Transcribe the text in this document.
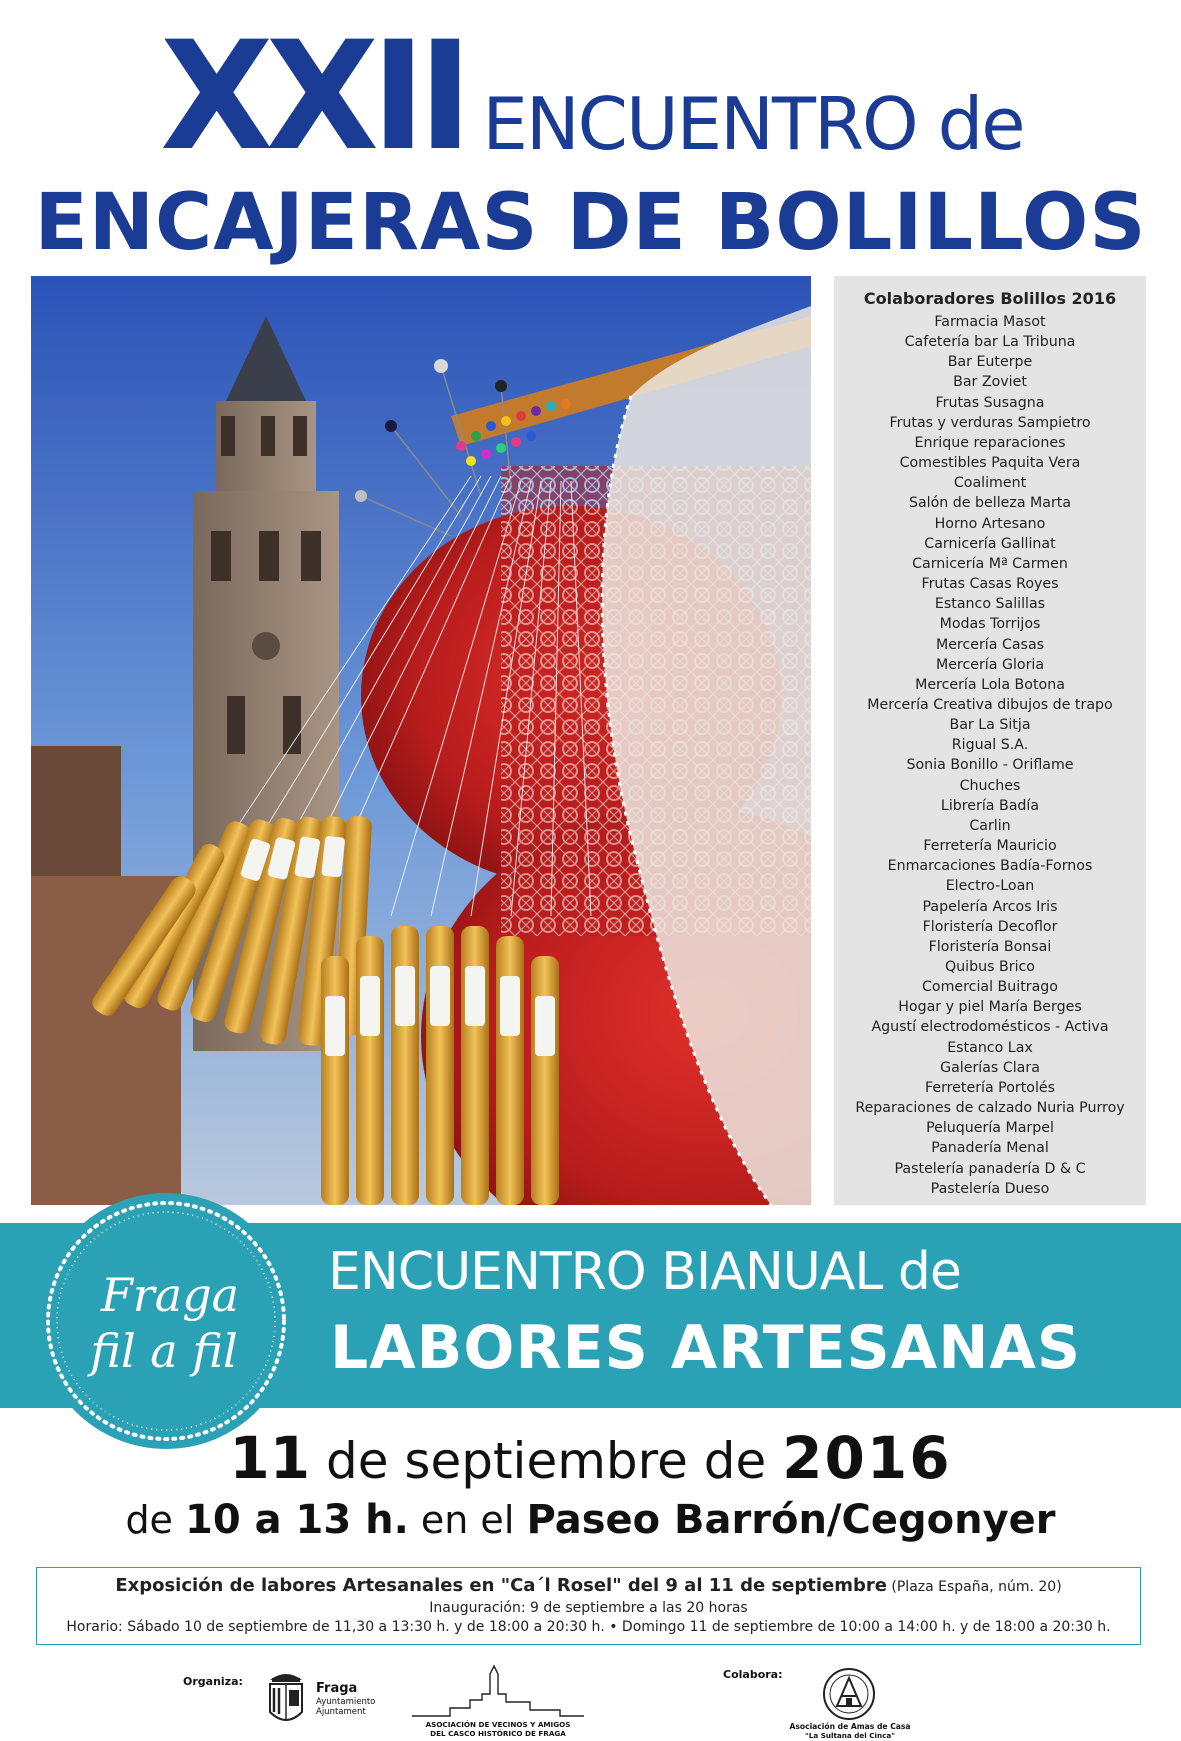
XXII ENCUENTRO de
ENCAJERAS DE BOLILLOS
Colaboradores Bolillos 2016
Farmacia Masot
Cafetería bar La Tribuna
Bar Euterpe
Bar Zoviet
Frutas Susagna
Frutas y verduras Sampietro
Enrique reparaciones
Comestibles Paquita Vera
Coaliment
Salón de belleza Marta
Horno Artesano
Carnicería Gallinat
Carnicería Mª Carmen
Frutas Casas Royes
Estanco Salillas
Modas Torrijos
Mercería Casas
Mercería Gloria
Mercería Lola Botona
Mercería Creativa dibujos de trapo
Bar La Sitja
Rigual S.A.
Sonia Bonillo - Oriflame
Chuches
Librería Badía
Carlin
Ferretería Mauricio
Enmarcaciones Badía-Fornos
Electro-Loan
Papelería Arcos Iris
Floristería Decoflor
Floristería Bonsai
Quibus Brico
Comercial Buitrago
Hogar y piel María Berges
Agustí electrodomésticos - Activa
Estanco Lax
Galerías Clara
Ferretería Portolés
Reparaciones de calzado Nuria Purroy
Peluquería Marpel
Panadería Menal
Pastelería panadería D & C
Pastelería Dueso
ENCUENTRO BIANUAL de
LABORES ARTESANAS
Fraga
fil a fil
11 de septiembre de 2016
de 10 a 13 h. en el Paseo Barrón/Cegonyer
Exposición de labores Artesanales en "Ca´l Rosel" del 9 al 11 de septiembre (Plaza España, núm. 20)
Inauguración: 9 de septiembre a las 20 horas
Horario: Sábado 10 de septiembre de 11,30 a 13:30 h. y de 18:00 a 20:30 h. • Domingo 11 de septiembre de 10:00 a 14:00 h. y de 18:00 a 20:30 h.
Organiza:	Fraga
Ayuntamiento
Ajuntament
ASOCIACIÓN DE VECINOS Y AMIGOS
DEL CASCO HISTÓRICO DE FRAGA
Colabora:
Asociación de Amas de Casa
"La Sultana del Cinca"
